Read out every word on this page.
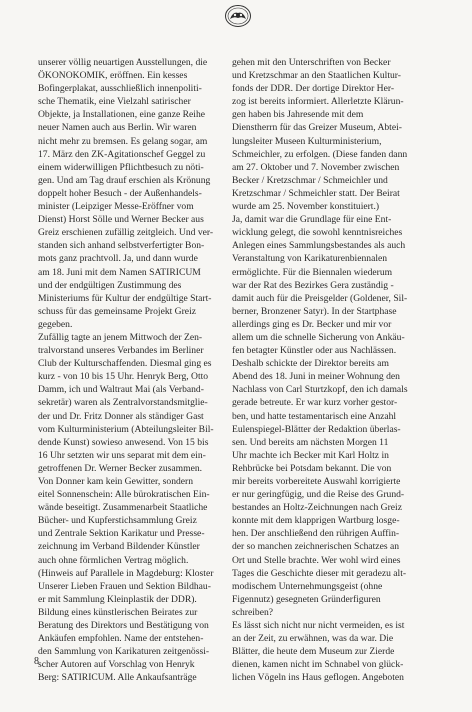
unserer völlig neuartigen Ausstellungen, die

ÖKONOKOMIK, eröffnen. Ein kesses

Bofingerplakat, ausschließlich innenpoliti-

sche Thematik, eine Vielzahl satirischer

Objekte, ja Installationen, eine ganze Reihe

neuer Namen auch aus Berlin. Wir waren

nicht mehr zu bremsen. Es gelang sogar, am

17. März den ZK-Agitationschef Geggel zu

einem widerwilligen Pflichtbesuch zu nöti-

gen. Und am Tag drauf erschien als Krönung

doppelt hoher Besuch - der Außenhandels-

minister (Leipziger Messe-Eröffner vom

Dienst) Horst Sölle und Werner Becker aus

Greiz erschienen zufällig zeitgleich. Und ver-

standen sich anhand selbstverfertigter Bon-

mots ganz prachtvoll. Ja, und dann wurde

am 18. Juni mit dem Namen SATIRICUM

und der endgültigen Zustimmung des

Ministeriums für Kultur der endgültige Start-

schuss für das gemeinsame Projekt Greiz

gegeben.

Zufällig tagte an jenem Mittwoch der Zen-

tralvorstand unseres Verbandes im Berliner

Club der Kulturschaffenden. Diesmal ging es

kurz - von 10 bis 15 Uhr. Henryk Berg, Otto

Damm, ich und Waltraut Mai (als Verband-

sekretär) waren als Zentralvorstandsmitglie-

der und Dr. Fritz Donner als ständiger Gast

vom Kulturministerium (Abteilungsleiter Bil-

dende Kunst) sowieso anwesend. Von 15 bis

16 Uhr setzten wir uns separat mit dem ein-

getroffenen Dr. Werner Becker zusammen.

Von Donner kam kein Gewitter, sondern

eitel Sonnenschein: Alle bürokratischen Ein-

wände beseitigt. Zusammenarbeit Staatliche

Bücher- und Kupferstichsammlung Greiz

und Zentrale Sektion Karikatur und Presse-

zeichnung im Verband Bildender Künstler

auch ohne förmlichen Vertrag möglich.

(Hinweis auf Parallele in Magdeburg: Kloster

Unserer Lieben Frauen und Sektion Bildhau-

er mit Sammlung Kleinplastik der DDR).

Bildung eines künstlerischen Beirates zur

Beratung des Direktors und Bestätigung von

Ankäufen empfohlen. Name der entstehen-

den Sammlung von Karikaturen zeitgenössi-

scher Autoren auf Vorschlag von Henryk

Berg: SATIRICUM. Alle Ankaufsanträge

gehen mit den Unterschriften von Becker

und Kretzschmar an den Staatlichen Kultur-

fonds der DDR. Der dortige Direktor Her-

zog ist bereits informiert. Allerletzte Klärun-

gen haben bis Jahresende mit dem

Dienstherrn für das Greizer Museum, Abtei-

lungsleiter Museen Kulturministerium,

Schmeichler, zu erfolgen. (Diese fanden dann

am 27. Oktober und 7. November zwischen

Becker / Kretzschmar / Schmeichler und

Kretzschmar / Schmeichler statt. Der Beirat

wurde am 25. November konstituiert.)

Ja, damit war die Grundlage für eine Ent-

wicklung gelegt, die sowohl kenntnisreiches

Anlegen eines Sammlungsbestandes als auch

Veranstaltung von Karikaturenbiennalen

ermöglichte. Für die Biennalen wiederum

war der Rat des Bezirkes Gera zuständig -

damit auch für die Preisgelder (Goldener, Sil-

berner, Bronzener Satyr). In der Startphase

allerdings ging es Dr. Becker und mir vor

allem um die schnelle Sicherung von Ankäu-

fen betagter Künstler oder aus Nachlässen.

Deshalb schickte der Direktor bereits am

Abend des 18. Juni in meiner Wohnung den

Nachlass von Carl Sturtzkopf, den ich damals

gerade betreute. Er war kurz vorher gestor-

ben, und hatte testamentarisch eine Anzahl

Eulenspiegel-Blätter der Redaktion überlas-

sen. Und bereits am nächsten Morgen 11

Uhr machte ich Becker mit Karl Holtz in

Rehbrücke bei Potsdam bekannt. Die von

mir bereits vorbereitete Auswahl korrigierte

er nur geringfügig, und die Reise des Grund-

bestandes an Holtz-Zeichnungen nach Greiz

konnte mit dem klapprigen Wartburg losge-

hen. Der anschließend den rührigen Auffin-

der so manchen zeichnerischen Schatzes an

Ort und Stelle brachte. Wer wohl wird eines

Tages die Geschichte dieser mit geradezu alt-

modischem Unternehmungsgeist (ohne

Figennutz) gesegneten Gründerfiguren

schreiben?

Es lässt sich nicht nur nicht vermeiden, es ist

an der Zeit, zu erwähnen, was da war. Die

Blätter, die heute dem Museum zur Zierde

dienen, kamen nicht im Schnabel von glück-

lichen Vögeln ins Haus geflogen. Angeboten

8
